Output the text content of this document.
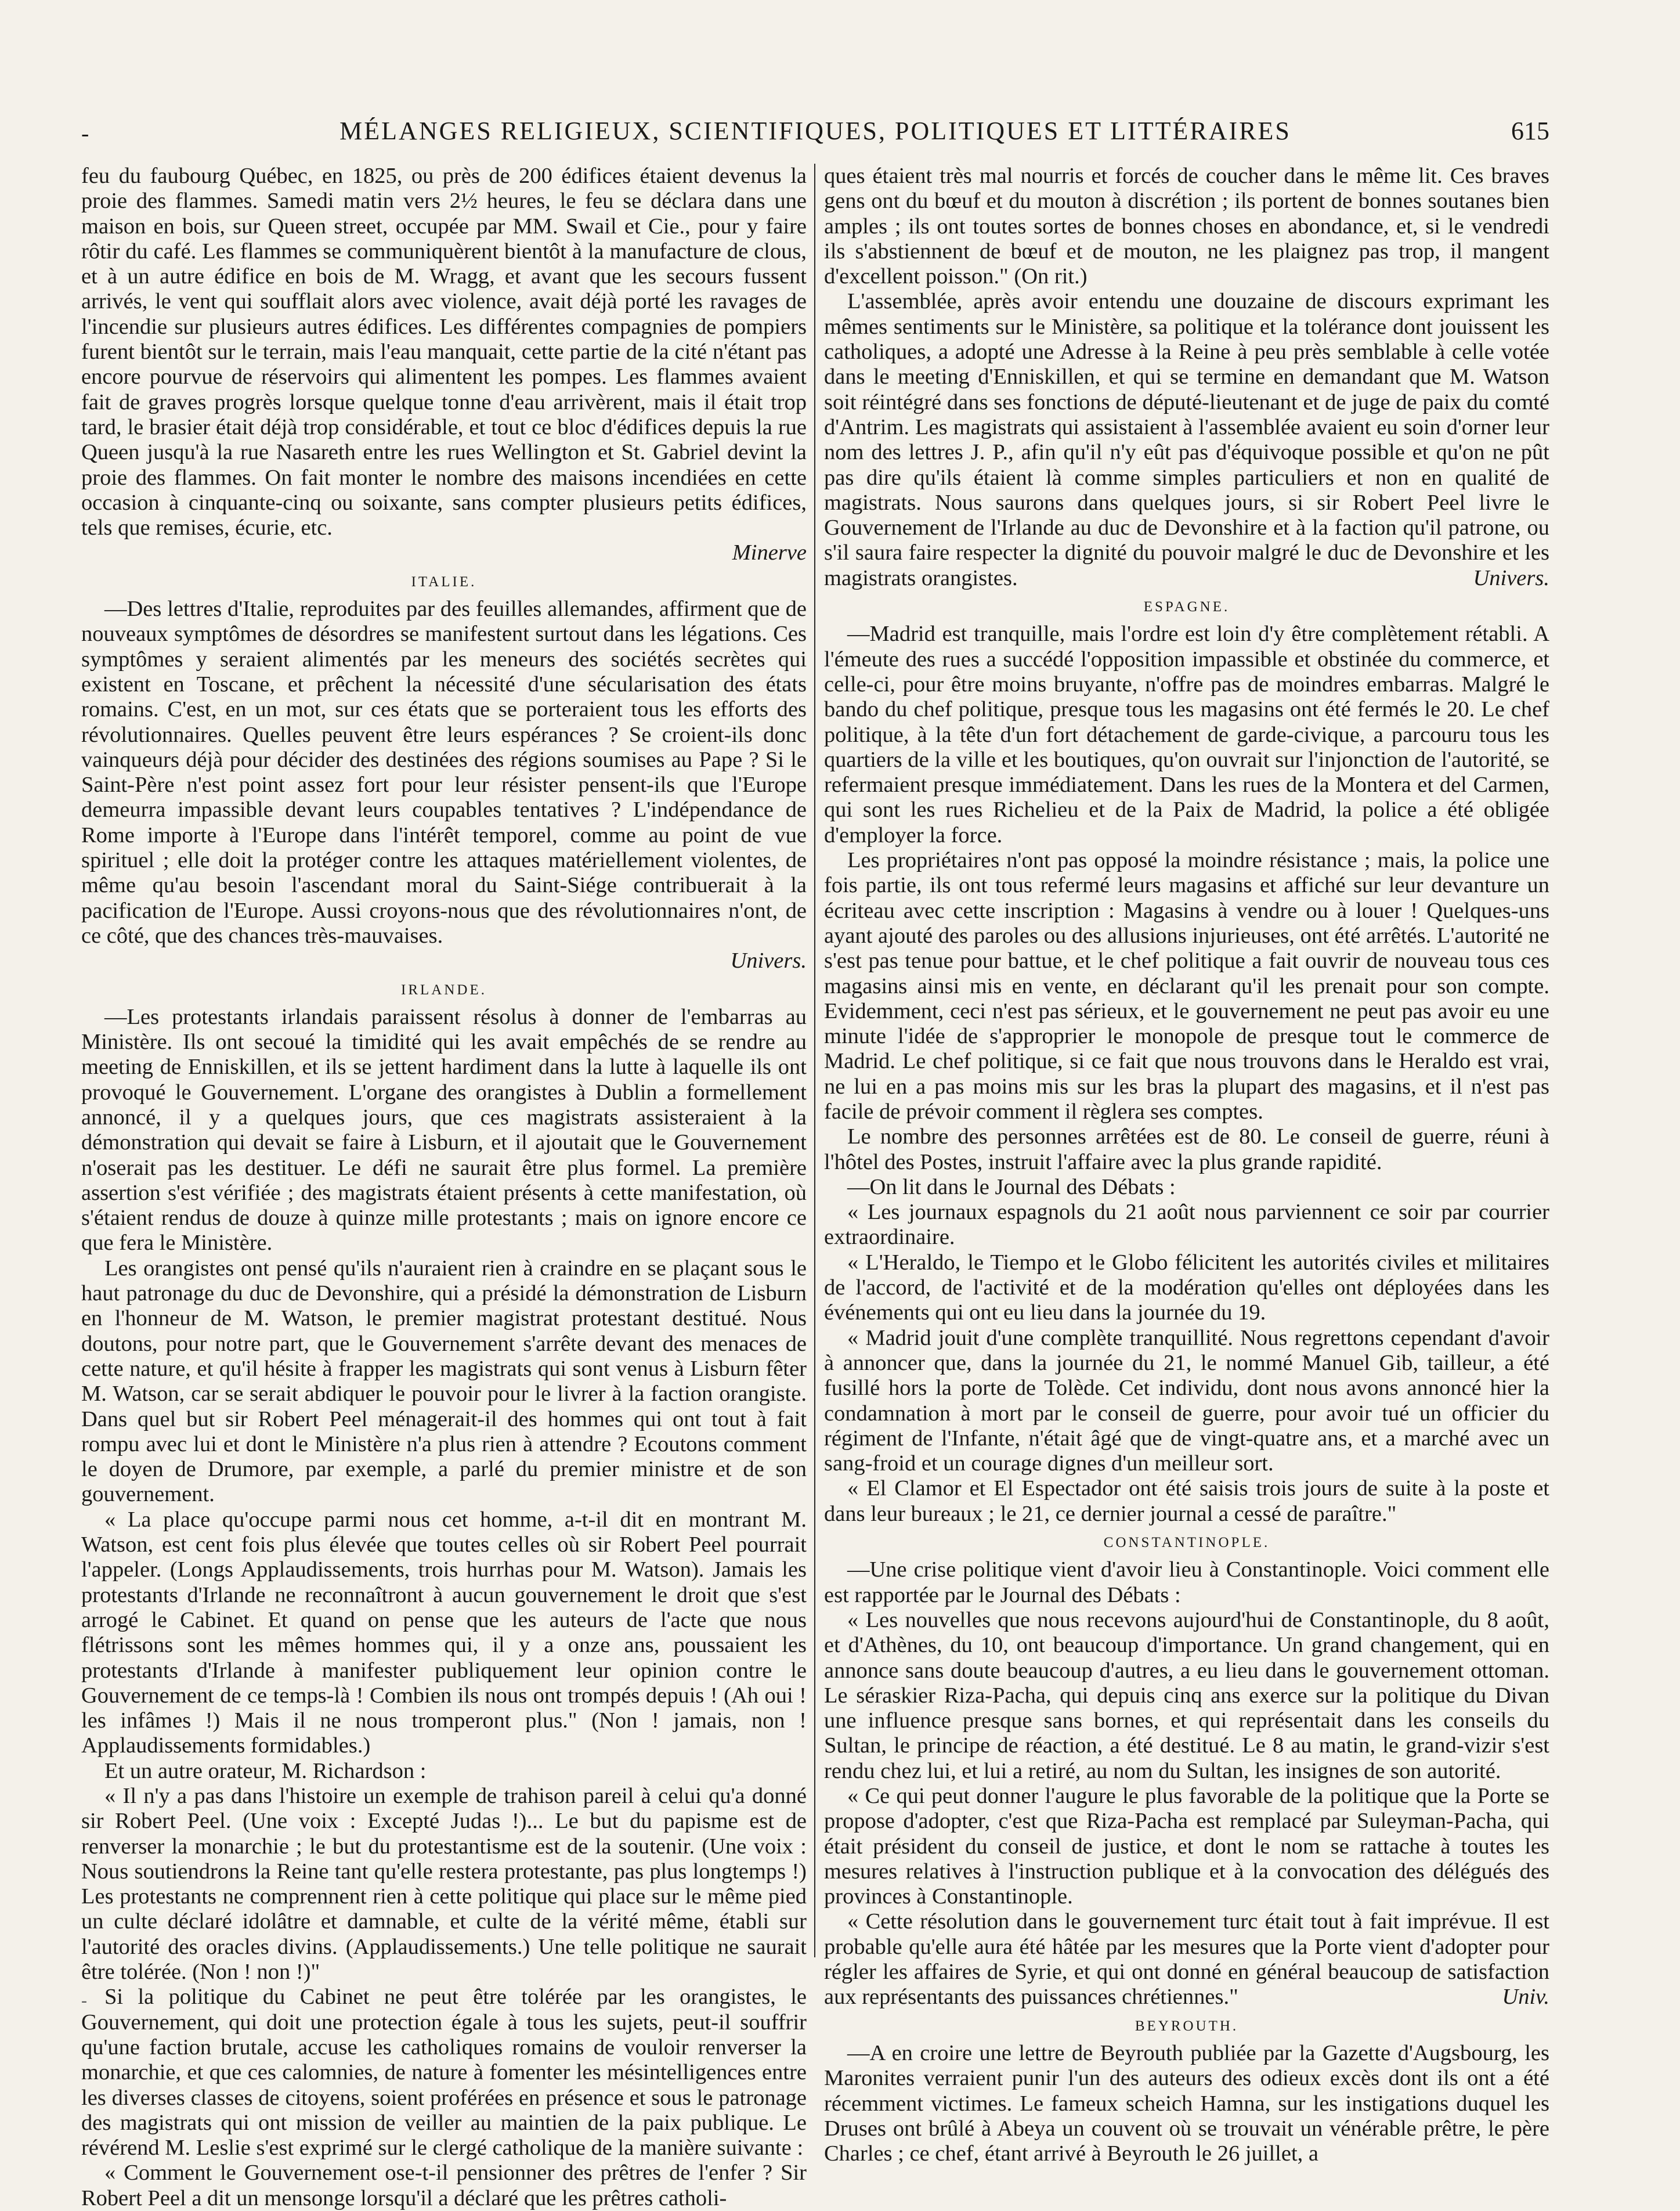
-	MÉLANGES RELIGIEUX, SCIENTIFIQUES, POLITIQUES ET LITTÉRAIRES	615

feu du faubourg Québec, en 1825, ou près de 200 édifices étaient devenus la proie des flammes. Samedi matin vers 2½ heures, le feu se déclara dans une maison en bois, sur Queen street, occupée par MM. Swail et Cie., pour y faire rôtir du café. Les flammes se communiquèrent bientôt à la manufacture de clous, et à un autre édifice en bois de M. Wragg, et avant que les secours fussent arrivés, le vent qui soufflait alors avec violence, avait déjà porté les ravages de l'incendie sur plusieurs autres édifices. Les différentes compagnies de pompiers furent bientôt sur le terrain, mais l'eau manquait, cette partie de la cité n'étant pas encore pourvue de réservoirs qui alimentent les pompes. Les flammes avaient fait de graves progrès lorsque quelque tonne d'eau arrivèrent, mais il était trop tard, le brasier était déjà trop considérable, et tout ce bloc d'édifices depuis la rue Queen jusqu'à la rue Nasareth entre les rues Wellington et St. Gabriel devint la proie des flammes. On fait monter le nombre des maisons incendiées en cette occasion à cinquante-cinq ou soixante, sans compter plusieurs petits édifices, tels que remises, écurie, etc.

Minerve
ITALIE.

—Des lettres d'Italie, reproduites par des feuilles allemandes, affirment que de nouveaux symptômes de désordres se manifestent surtout dans les légations. Ces symptômes y seraient alimentés par les meneurs des sociétés secrètes qui existent en Toscane, et prêchent la nécessité d'une sécularisation des états romains. C'est, en un mot, sur ces états que se porteraient tous les efforts des révolutionnaires. Quelles peuvent être leurs espérances ? Se croient-ils donc vainqueurs déjà pour décider des destinées des régions soumises au Pape ? Si le Saint-Père n'est point assez fort pour leur résister pensent-ils que l'Europe demeurra impassible devant leurs coupables tentatives ? L'indépendance de Rome importe à l'Europe dans l'intérêt temporel, comme au point de vue spirituel ; elle doit la protéger contre les attaques matériellement violentes, de même qu'au besoin l'ascendant moral du Saint-Siége contribuerait à la pacification de l'Europe. Aussi croyons-nous que des révolutionnaires n'ont, de ce côté, que des chances très-mauvaises.

Univers.
IRLANDE.

—Les protestants irlandais paraissent résolus à donner de l'embarras au Ministère. Ils ont secoué la timidité qui les avait empêchés de se rendre au meeting de Enniskillen, et ils se jettent hardiment dans la lutte à laquelle ils ont provoqué le Gouvernement. L'organe des orangistes à Dublin a formellement annoncé, il y a quelques jours, que ces magistrats assisteraient à la démonstration qui devait se faire à Lisburn, et il ajoutait que le Gouvernement n'oserait pas les destituer. Le défi ne saurait être plus formel. La première assertion s'est vérifiée ; des magistrats étaient présents à cette manifestation, où s'étaient rendus de douze à quinze mille protestants ; mais on ignore encore ce que fera le Ministère.

Les orangistes ont pensé qu'ils n'auraient rien à craindre en se plaçant sous le haut patronage du duc de Devonshire, qui a présidé la démonstration de Lisburn en l'honneur de M. Watson, le premier magistrat protestant destitué. Nous doutons, pour notre part, que le Gouvernement s'arrête devant des menaces de cette nature, et qu'il hésite à frapper les magistrats qui sont venus à Lisburn fêter M. Watson, car se serait abdiquer le pouvoir pour le livrer à la faction orangiste. Dans quel but sir Robert Peel ménagerait-il des hommes qui ont tout à fait rompu avec lui et dont le Ministère n'a plus rien à attendre ? Ecoutons comment le doyen de Drumore, par exemple, a parlé du premier ministre et de son gouvernement.

« La place qu'occupe parmi nous cet homme, a-t-il dit en montrant M. Watson, est cent fois plus élevée que toutes celles où sir Robert Peel pourrait l'appeler. (Longs Applaudissements, trois hurrhas pour M. Watson). Jamais les protestants d'Irlande ne reconnaîtront à aucun gouvernement le droit que s'est arrogé le Cabinet. Et quand on pense que les auteurs de l'acte que nous flétrissons sont les mêmes hommes qui, il y a onze ans, poussaient les protestants d'Irlande à manifester publiquement leur opinion contre le Gouvernement de ce temps-là ! Combien ils nous ont trompés depuis ! (Ah oui ! les infâmes !) Mais il ne nous tromperont plus." (Non ! jamais, non ! Applaudissements formidables.)

Et un autre orateur, M. Richardson :

« Il n'y a pas dans l'histoire un exemple de trahison pareil à celui qu'a donné sir Robert Peel. (Une voix : Excepté Judas !)... Le but du papisme est de renverser la monarchie ; le but du protestantisme est de la soutenir. (Une voix : Nous soutiendrons la Reine tant qu'elle restera protestante, pas plus longtemps !) Les protestants ne comprennent rien à cette politique qui place sur le même pied un culte déclaré idolâtre et damnable, et culte de la vérité même, établi sur l'autorité des oracles divins. (Applaudissements.) Une telle politique ne saurait être tolérée. (Non ! non !)"

Si la politique du Cabinet ne peut être tolérée par les orangistes, le Gouvernement, qui doit une protection égale à tous les sujets, peut-il souffrir qu'une faction brutale, accuse les catholiques romains de vouloir renverser la monarchie, et que ces calomnies, de nature à fomenter les mésintelligences entre les diverses classes de citoyens, soient proférées en présence et sous le patronage des magistrats qui ont mission de veiller au maintien de la paix publique. Le révérend M. Leslie s'est exprimé sur le clergé catholique de la manière suivante :

« Comment le Gouvernement ose-t-il pensionner des prêtres de l'enfer ? Sir Robert Peel a dit un mensonge lorsqu'il a déclaré que les prêtres catholi-

ques étaient très mal nourris et forcés de coucher dans le même lit. Ces braves gens ont du bœuf et du mouton à discrétion ; ils portent de bonnes soutanes bien amples ; ils ont toutes sortes de bonnes choses en abondance, et, si le vendredi ils s'abstiennent de bœuf et de mouton, ne les plaignez pas trop, il mangent d'excellent poisson." (On rit.)

L'assemblée, après avoir entendu une douzaine de discours exprimant les mêmes sentiments sur le Ministère, sa politique et la tolérance dont jouissent les catholiques, a adopté une Adresse à la Reine à peu près semblable à celle votée dans le meeting d'Enniskillen, et qui se termine en demandant que M. Watson soit réintégré dans ses fonctions de député-lieutenant et de juge de paix du comté d'Antrim. Les magistrats qui assistaient à l'assemblée avaient eu soin d'orner leur nom des lettres J. P., afin qu'il n'y eût pas d'équivoque possible et qu'on ne pût pas dire qu'ils étaient là comme simples particuliers et non en qualité de magistrats. Nous saurons dans quelques jours, si sir Robert Peel livre le Gouvernement de l'Irlande au duc de Devonshire et à la faction qu'il patrone, ou s'il saura faire respecter la dignité du pouvoir malgré le duc de Devonshire et les magistrats orangistes.	Univers.

ESPAGNE.

—Madrid est tranquille, mais l'ordre est loin d'y être complètement rétabli. A l'émeute des rues a succédé l'opposition impassible et obstinée du commerce, et celle-ci, pour être moins bruyante, n'offre pas de moindres embarras. Malgré le bando du chef politique, presque tous les magasins ont été fermés le 20. Le chef politique, à la tête d'un fort détachement de garde-civique, a parcouru tous les quartiers de la ville et les boutiques, qu'on ouvrait sur l'injonction de l'autorité, se refermaient presque immédiatement. Dans les rues de la Montera et del Carmen, qui sont les rues Richelieu et de la Paix de Madrid, la police a été obligée d'employer la force.

Les propriétaires n'ont pas opposé la moindre résistance ; mais, la police une fois partie, ils ont tous refermé leurs magasins et affiché sur leur devanture un écriteau avec cette inscription : Magasins à vendre ou à louer ! Quelques-uns ayant ajouté des paroles ou des allusions injurieuses, ont été arrêtés. L'autorité ne s'est pas tenue pour battue, et le chef politique a fait ouvrir de nouveau tous ces magasins ainsi mis en vente, en déclarant qu'il les prenait pour son compte. Evidemment, ceci n'est pas sérieux, et le gouvernement ne peut pas avoir eu une minute l'idée de s'approprier le monopole de presque tout le commerce de Madrid. Le chef politique, si ce fait que nous trouvons dans le Heraldo est vrai, ne lui en a pas moins mis sur les bras la plupart des magasins, et il n'est pas facile de prévoir comment il règlera ses comptes.

Le nombre des personnes arrêtées est de 80. Le conseil de guerre, réuni à l'hôtel des Postes, instruit l'affaire avec la plus grande rapidité.

—On lit dans le Journal des Débats :

« Les journaux espagnols du 21 août nous parviennent ce soir par courrier extraordinaire.

« L'Heraldo, le Tiempo et le Globo félicitent les autorités civiles et militaires de l'accord, de l'activité et de la modération qu'elles ont déployées dans les événements qui ont eu lieu dans la journée du 19.

« Madrid jouit d'une complète tranquillité. Nous regrettons cependant d'avoir à annoncer que, dans la journée du 21, le nommé Manuel Gib, tailleur, a été fusillé hors la porte de Tolède. Cet individu, dont nous avons annoncé hier la condamnation à mort par le conseil de guerre, pour avoir tué un officier du régiment de l'Infante, n'était âgé que de vingt-quatre ans, et a marché avec un sang-froid et un courage dignes d'un meilleur sort.

« El Clamor et El Espectador ont été saisis trois jours de suite à la poste et dans leur bureaux ; le 21, ce dernier journal a cessé de paraître."

CONSTANTINOPLE.

—Une crise politique vient d'avoir lieu à Constantinople. Voici comment elle est rapportée par le Journal des Débats :

« Les nouvelles que nous recevons aujourd'hui de Constantinople, du 8 août, et d'Athènes, du 10, ont beaucoup d'importance. Un grand changement, qui en annonce sans doute beaucoup d'autres, a eu lieu dans le gouvernement ottoman. Le séraskier Riza-Pacha, qui depuis cinq ans exerce sur la politique du Divan une influence presque sans bornes, et qui représentait dans les conseils du Sultan, le principe de réaction, a été destitué. Le 8 au matin, le grand-vizir s'est rendu chez lui, et lui a retiré, au nom du Sultan, les insignes de son autorité.

« Ce qui peut donner l'augure le plus favorable de la politique que la Porte se propose d'adopter, c'est que Riza-Pacha est remplacé par Suleyman-Pacha, qui était président du conseil de justice, et dont le nom se rattache à toutes les mesures relatives à l'instruction publique et à la convocation des délégués des provinces à Constantinople.

« Cette résolution dans le gouvernement turc était tout à fait imprévue. Il est probable qu'elle aura été hâtée par les mesures que la Porte vient d'adopter pour régler les affaires de Syrie, et qui ont donné en général beaucoup de satisfaction aux représentants des puissances chrétiennes."	Univ.

BEYROUTH.

—A en croire une lettre de Beyrouth publiée par la Gazette d'Augsbourg, les Maronites verraient punir l'un des auteurs des odieux excès dont ils ont a été récemment victimes. Le fameux scheich Hamna, sur les instigations duquel les Druses ont brûlé à Abeya un couvent où se trouvait un vénérable prêtre, le père Charles ; ce chef, étant arrivé à Beyrouth le 26 juillet, a

-
